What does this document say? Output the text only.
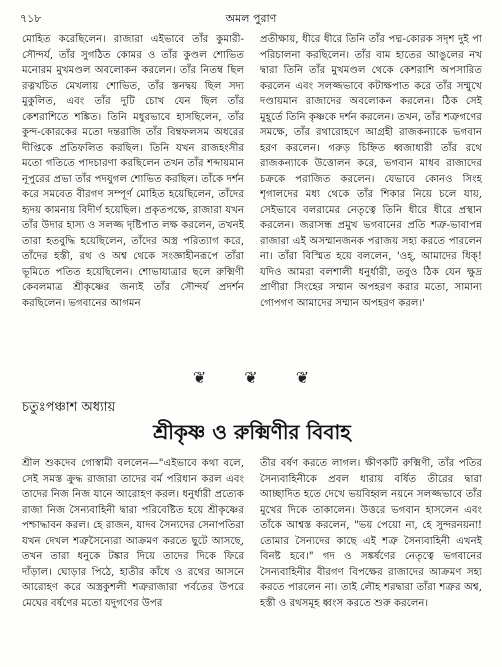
৭১৮	অমল পুরাণ

মোহিত করেছিলেন। রাজারা এইভাবে তাঁর কুমারী-সৌন্দর্য, তাঁর সুগঠিত কোমর ও তাঁর কুণ্ডল শোভিত মনোরম মুখমণ্ডল অবলোকন করলেন। তাঁর নিতম্ব ছিল রত্নখচিত মেখলায় শোভিত, তাঁর স্তনদ্বয় ছিল সদ্য মুকুলিত, এবং তাঁর দুটি চোখ যেন ছিল তাঁর কেশরাশিতে শঙ্কিত। তিনি মধুরভাবে হাসছিলেন, তাঁর কুন্দ-কোরকের মতো দন্তরাজি তাঁর বিম্বফলসম অধরের দীপ্তিকে প্রতিফলিত করছিল। তিনি যখন রাজহংসীর মতো গতিতে পাদচারণা করছিলেন তখন তাঁর শব্দায়মান নূপুরের প্রভা তাঁর পদযুগল শোভিত করছিল। তাঁকে দর্শন করে সমবেত বীরগণ সম্পূর্ণ মোহিত হয়েছিলেন, তাঁদের হৃদয় কামনায় বিদীর্ণ হয়েছিল। প্রকৃতপক্ষে, রাজারা যখন তাঁর উদার হাস্য ও সলজ্জ দৃষ্টিপাত লক্ষ করলেন, তখনই তারা হতবুদ্ধি হয়েছিলেন, তাঁদের অস্ত্র পরিত্যাগ করে, তাঁদের হস্তী, রথ ও অশ্ব থেকে সংজ্ঞাহীনরূপে তাঁরা ভূমিতে পতিত হয়েছিলেন। শোভাযাত্রার ছলে রুক্মিণী কেবলমাত্র শ্রীকৃষ্ণের জন্যই তাঁর সৌন্দর্য প্রদর্শন করছিলেন। ভগবানের আগমন

প্রতীক্ষায়, ধীরে ধীরে তিনি তাঁর পদ্ম-কোরক সদৃশ দুই পা পরিচালনা করছিলেন। তাঁর বাম হাতের আঙুলের নখ দ্বারা তিনি তাঁর মুখমণ্ডল থেকে কেশরাশি অপসারিত করলেন এবং সলজ্জভাবে কটাক্ষপাত করে তাঁর সম্মুখে দণ্ডায়মান রাজাদের অবলোকন করলেন। ঠিক সেই মুহূর্তে তিনি কৃষ্ণকে দর্শন করলেন। তখন, তাঁর শত্রুগণের সমক্ষে, তাঁর রথারোহণে আগ্রহী রাজকন্যাকে ভগবান হরণ করলেন। গরুড় চিহ্নিত ধ্বজাধারী তাঁর রথে রাজকন্যাকে উত্তোলন করে, ভগবান মাধব রাজাদের চক্রকে পরাজিত করলেন। যেভাবে কোনও সিংহ শৃগালদের মধ্য থেকে তাঁর শিকার নিয়ে চলে যায়, সেইভাবে বলরামের নেতৃত্বে তিনি ধীরে ধীরে প্রস্থান করলেন। জরাসন্ধ প্রমুখ ভগবানের প্রতি শত্রু-ভাবাপন্ন রাজারা এই অসম্মানজনক পরাজয় সহ্য করতে পারলেন না। তাঁরা বিস্মিত হয়ে বললেন, 'ওহ্, আমাদের ধিক্! যদিও আমরা বলশালী ধনুর্ধারী, তবুও ঠিক যেন ক্ষুদ্র প্রাণীরা সিংহের সম্মান অপহরণ করার মতো, সামান্য গোপগণ আমাদের সম্মান অপহরণ করল।'

❦ ❦ ❦
চতুঃপঞ্চাশ অধ্যায়
শ্রীকৃষ্ণ ও রুক্মিণীর বিবাহ

শ্রীল শুকদেব গোস্বামী বললেন—"এইভাবে কথা বলে, সেই সমস্ত ক্রুদ্ধ রাজারা তাদের বর্ম পরিধান করল এবং তাদের নিজ নিজ যানে আরোহণ করল। ধনুর্ধারী প্রত্যেক রাজা নিজ সৈন্যবাহিনী দ্বারা পরিবেষ্টিত হয়ে শ্রীকৃষ্ণের পশ্চাদ্ধাবন করল। হে রাজন, যাদব সৈন্যদের সেনাপতিরা যখন দেখল শত্রুসৈন্যেরা আক্রমণ করতে ছুটে আসছে, তখন তারা ধনুকে টঙ্কার দিয়ে তাদের দিকে ফিরে দাঁড়াল। ঘোড়ার পিঠে, হাতীর কাঁধে ও রথের আসনে আরোহণ করে অস্ত্রকুশলী শত্রুরাজারা পর্বতের উপরে মেঘের বর্ষণের মতো যদুগণের উপর

তীর বর্ষণ করতে লাগল। ক্ষীণকটি রুক্মিণী, তাঁর পতির সৈন্যবাহিনীকে প্রবল ধারায় বর্ষিত তীরের দ্বারা আচ্ছাদিত হতে দেখে ভয়বিহ্বল নয়নে সলজ্জভাবে তাঁর মুখের দিকে তাকালেন। উত্তরে ভগবান হাসলেন এবং তাঁকে আশ্বস্ত করলেন, "ভয় পেয়ো না, হে সুন্দরনয়না! তোমার সৈন্যদের কাছে এই শত্রু সৈন্যবাহিনী এখনই বিনষ্ট হবে।" গদ ও সঙ্কর্ষণের নেতৃত্বে ভগবানের সৈন্যবাহিনীর বীরগণ বিপক্ষের রাজাদের আক্রমণ সহ্য করতে পারলেন না। তাই লৌহ শরদ্বারা তাঁরা শত্রুর অশ্ব, হস্তী ও রথসমূহ ধ্বংস করতে শুরু করলেন।
